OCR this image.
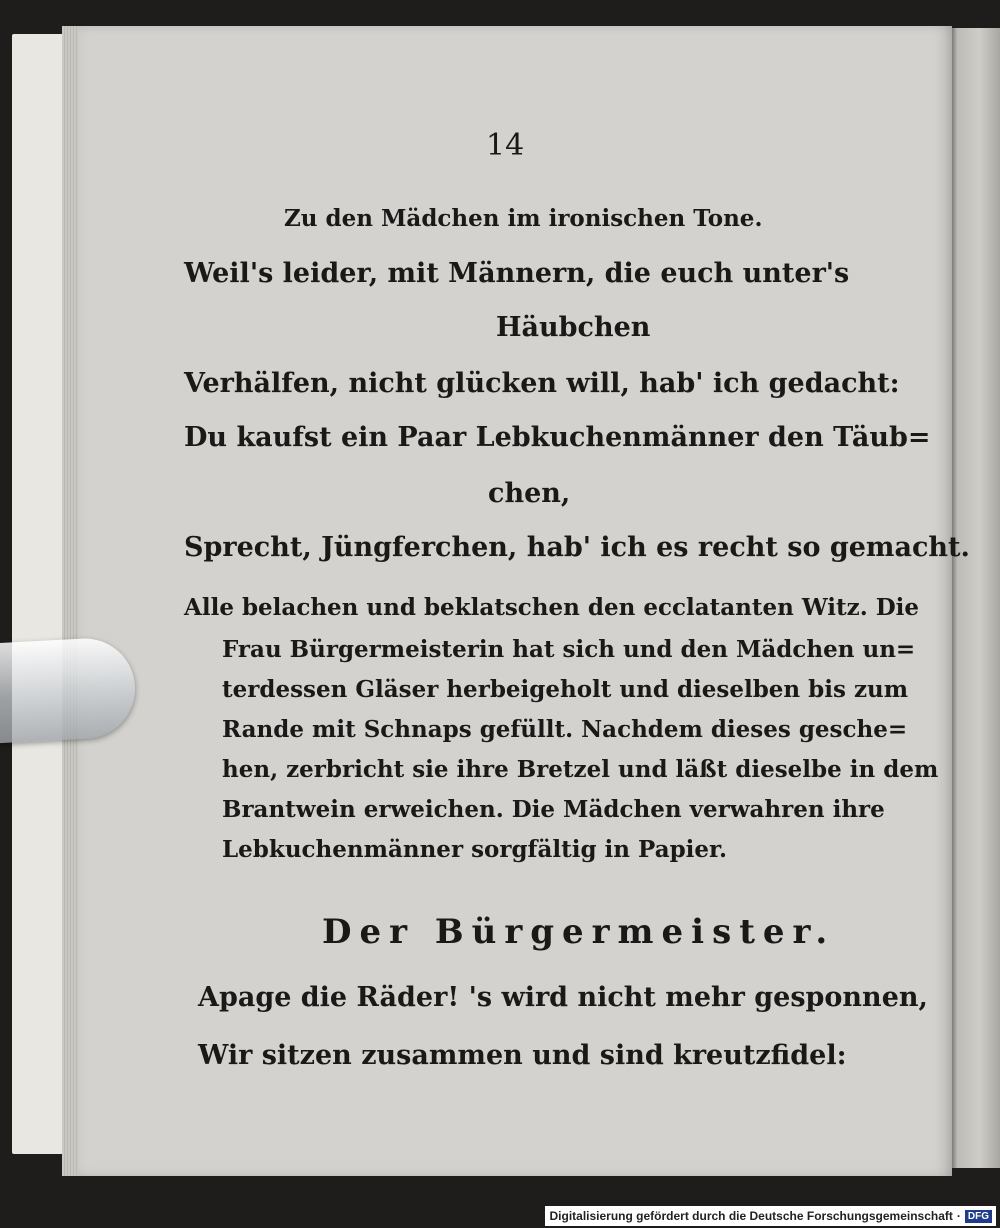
14
Zu den Mädchen im ironischen Tone.
Weil's leider, mit Männern, die euch unter's
Häubchen
Verhälfen, nicht glücken will, hab' ich gedacht:
Du kaufst ein Paar Lebkuchenmänner den Täub=
chen,
Sprecht, Jüngferchen, hab' ich es recht so gemacht.
Alle belachen und beklatschen den ecclatanten Witz. Die
Frau Bürgermeisterin hat sich und den Mädchen un=
terdessen Gläser herbeigeholt und dieselben bis zum
Rande mit Schnaps gefüllt. Nachdem dieses gesche=
hen, zerbricht sie ihre Bretzel und läßt dieselbe in dem
Brantwein erweichen. Die Mädchen verwahren ihre
Lebkuchenmänner sorgfältig in Papier.
Der Bürgermeister.
Apage die Räder! 's wird nicht mehr gesponnen,
Wir sitzen zusammen und sind kreutzfidel:
Digitalisierung gefördert durch die Deutsche Forschungsgemeinschaft · DFG
